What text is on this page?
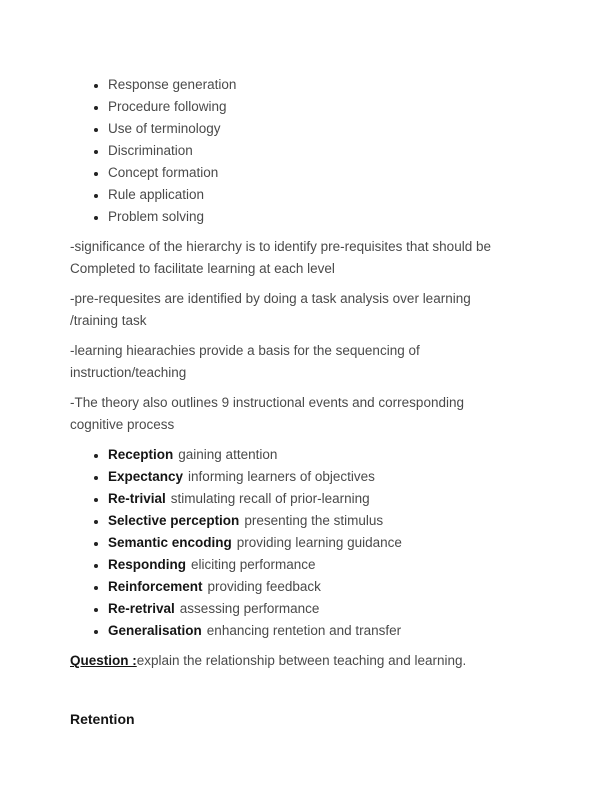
• Response generation
• Procedure following
• Use of terminology
• Discrimination
• Concept formation
• Rule application
• Problem solving

-significance of the hierarchy is to identify pre-requisites that should be
Completed to facilitate learning at each level

-pre-requesites are identified by doing a task analysis over learning
/training task

-learning hiearachies provide a basis for the sequencing of
instruction/teaching

-The theory also outlines 9 instructional events and corresponding
cognitive process

• Reception gaining attention
• Expectancy informing learners of objectives
• Re-trivial stimulating recall of prior-learning
• Selective perception presenting the stimulus
• Semantic encoding providing learning guidance
• Responding eliciting performance
• Reinforcement providing feedback
• Re-retrival assessing performance
• Generalisation enhancing rentetion and transfer

Question :explain the relationship between teaching and learning.

Retention
